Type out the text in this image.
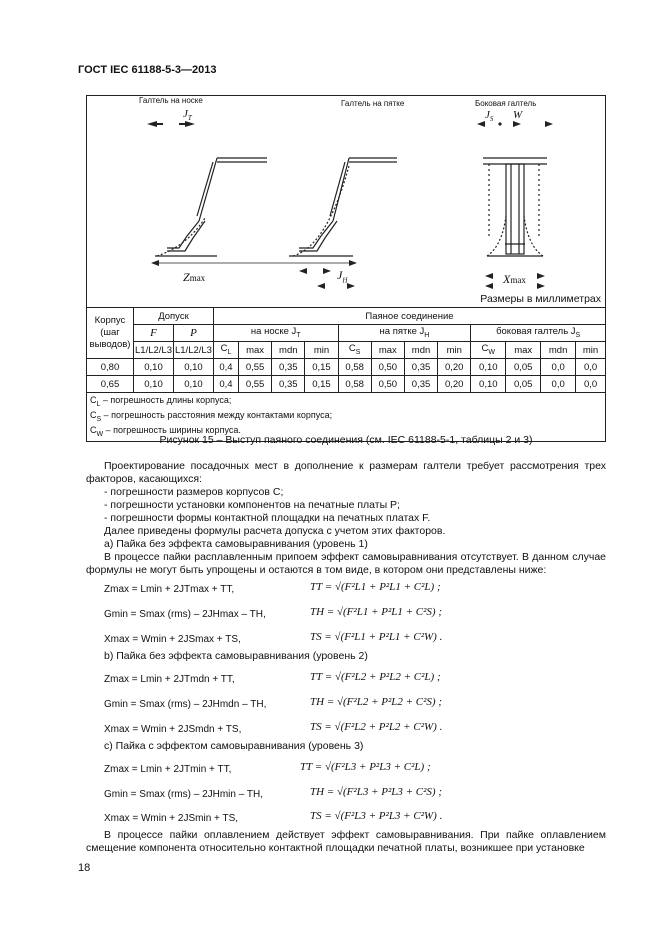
ГОСТ IEC 61188-5-3—2013
Галтель на носке	Галтель на пятке	Боковая галтель
$J_T$	$J_S$ W
Zmax	$J_H$	Xmax
Размеры в миллиметрах
Корпус (шаг выводов)	Допуск		Паяное соединение											
	F	P	на носке $J_T$				на пятке $J_H$				боковая галтель $J_S$
	L1/L2/L3	L1/L2/L3	$C_L$	max	mdn	min	$C_S$	max	mdn	min	$C_W$	max	mdn	min
0,80	0,10	0,10	0,4	0,55	0,35	0,15	0,58	0,50	0,35	0,20	0,10	0,05	0,0	0,0
0,65	0,10	0,10	0,4	0,55	0,35	0,15	0,58	0,50	0,35	0,20	0,10	0,05	0,0	0,0

$C_L$ – погрешность длины корпуса;
$C_S$ – погрешность расстояния между контактами корпуса;
$C_W$ – погрешность ширины корпуса.														
Рисунок 15 – Выступ паяного соединения (см. IEC 61188-5-1, таблицы 2 и 3)
Проектирование посадочных мест в дополнение к размерам галтели требует рассмотрения трех факторов, касающихся:
- погрешности размеров корпусов C;
- погрешности установки компонентов на печатные платы P;
- погрешности формы контактной площадки на печатных платах F.
Далее приведены формулы расчета допуска с учетом этих факторов.
а) Пайка без эффекта самовыравнивания (уровень 1)
В процессе пайки расплавленным припоем эффект самовыравнивания отсутствует. В данном случае формулы не могут быть упрощены и остаются в том виде, в котором они представлены ниже:
Zmax = Lmin + 2JTmax + TT,	TT = √(F²L1 + P²L1 + C²L) ;
Gmin = Smax (rms) – 2JHmax – TH,	TH = √(F²L1 + P²L1 + C²S) ;
Xmax = Wmin + 2JSmax + TS,	TS = √(F²L1 + P²L1 + C²W) .
b) Пайка без эффекта самовыравнивания (уровень 2)
Zmax = Lmin + 2JTmdn + TT,	TT = √(F²L2 + P²L2 + C²L) ;
Gmin = Smax (rms) – 2JHmdn – TH,	TH = √(F²L2 + P²L2 + C²S) ;
Xmax = Wmin + 2JSmdn + TS,	TS = √(F²L2 + P²L2 + C²W) .
c) Пайка с эффектом самовыравнивания (уровень 3)
Zmax = Lmin + 2JTmin + TT,	TT = √(F²L3 + P²L3 + C²L) ;
Gmin = Smax (rms) – 2JHmin – TH,	TH = √(F²L3 + P²L3 + C²S) ;
Xmax = Wmin + 2JSmin + TS,	TS = √(F²L3 + P²L3 + C²W) .
В процессе пайки оплавлением действует эффект самовыравнивания. При пайке оплавлением смещение компонента относительно контактной площадки печатной платы, возникшее при установке
18
